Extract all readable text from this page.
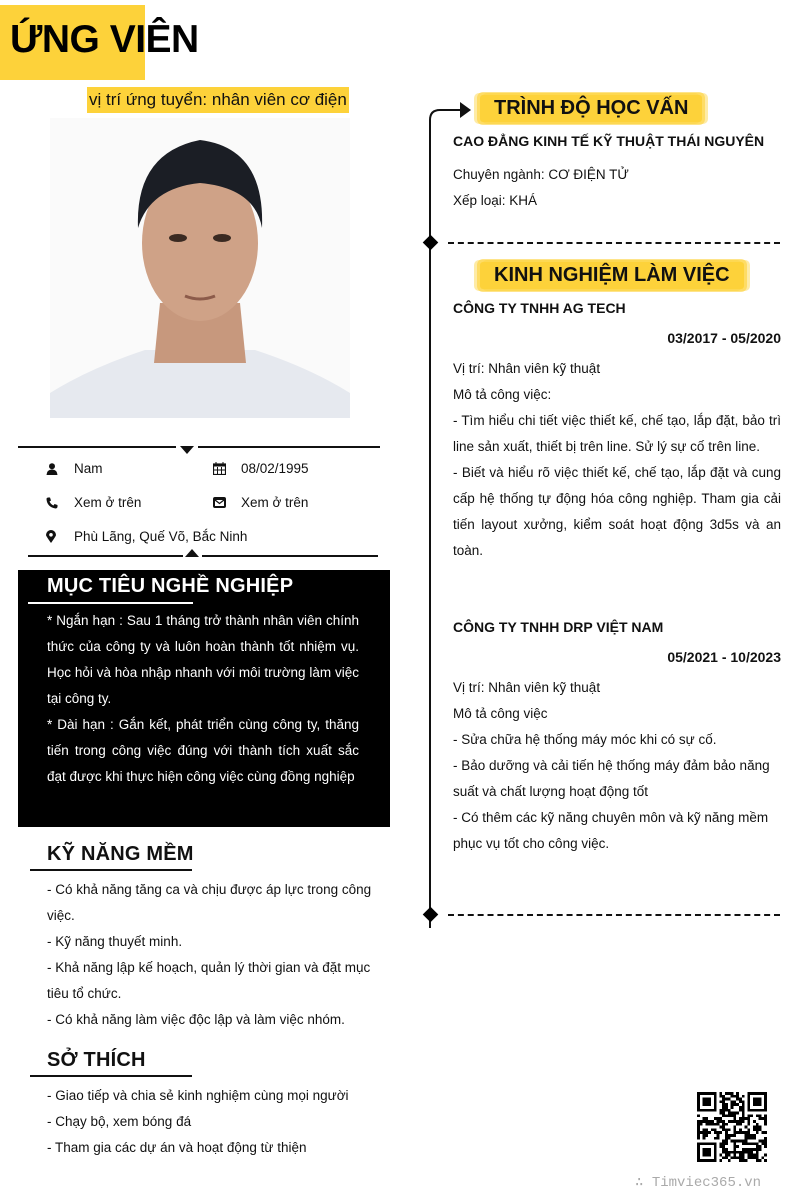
ỨNG VIÊN
vị trí ứng tuyển: nhân viên cơ điện
Nam	08/02/1995
Xem ở trên	Xem ở trên
Phù Lãng, Quế Võ, Bắc Ninh
MỤC TIÊU NGHỀ NGHIỆP
* Ngắn hạn : Sau 1 tháng trở thành nhân viên chính thức của công ty và luôn hoàn thành tốt nhiệm vụ. Học hỏi và hòa nhập nhanh với môi trường làm việc tại công ty.
* Dài hạn : Gắn kết, phát triển cùng công ty, thăng tiến trong công việc đúng với thành tích xuất sắc đạt được khi thực hiện công việc cùng đồng nghiệp
KỸ NĂNG MỀM
- Có khả năng tăng ca và chịu được áp lực trong công việc.
- Kỹ năng thuyết minh.
- Khả năng lập kế hoạch, quản lý thời gian và đặt mục tiêu tổ chức.
- Có khả năng làm việc độc lập và làm việc nhóm.
SỞ THÍCH
- Giao tiếp và chia sẻ kinh nghiệm cùng mọi người
- Chạy bộ, xem bóng đá
- Tham gia các dự án và hoạt động từ thiện
TRÌNH ĐỘ HỌC VẤN
CAO ĐẲNG KINH TẾ KỸ THUẬT THÁI NGUYÊN
Chuyên ngành: CƠ ĐIỆN TỬ
Xếp loại: KHÁ
KINH NGHIỆM LÀM VIỆC
CÔNG TY TNHH AG TECH
03/2017 - 05/2020
Vị trí: Nhân viên kỹ thuật
Mô tả công việc:
- Tìm hiểu chi tiết việc thiết kế, chế tạo, lắp đặt, bảo trì line sản xuất, thiết bị trên line. Sử lý sự cố trên line.
- Biết và hiểu rõ việc thiết kế, chế tạo, lắp đặt và cung cấp hệ thống tự động hóa công nghiệp. Tham gia cải tiến layout xưởng, kiểm soát hoạt động 3d5s và an toàn.
CÔNG TY TNHH DRP VIỆT NAM
05/2021 - 10/2023
Vị trí: Nhân viên kỹ thuật
Mô tả công việc
- Sửa chữa hệ thống máy móc khi có sự cố.
- Bảo dưỡng và cải tiến hệ thống máy đảm bảo năng suất và chất lượng hoạt động tốt
- Có thêm các kỹ năng chuyên môn và kỹ năng mềm phục vụ tốt cho công việc.
∴ Timviec365.vn
